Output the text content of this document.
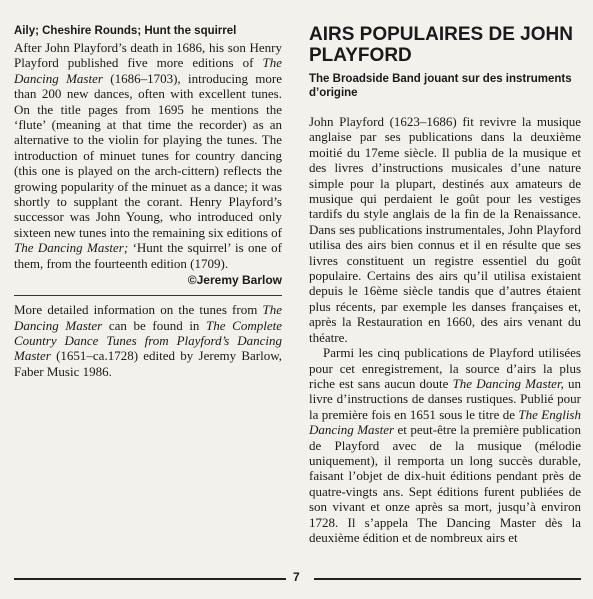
Aily; Cheshire Rounds; Hunt the squirrel

After John Playford’s death in 1686, his son Henry Playford published five more editions of The Dancing Master (1686–1703), introducing more than 200 new dances, often with excellent tunes. On the title pages from 1695 he mentions the ‘flute’ (meaning at that time the recorder) as an alternative to the violin for playing the tunes. The introduction of minuet tunes for country dancing (this one is played on the arch-cittern) reflects the growing popularity of the minuet as a dance; it was shortly to supplant the corant. Henry Playford’s successor was John Young, who introduced only sixteen new tunes into the remaining six editions of The Dancing Master; ‘Hunt the squirrel’ is one of them, from the fourteenth edition (1709).

©Jeremy Barlow

More detailed information on the tunes from The Dancing Master can be found in The Complete Country Dance Tunes from Playford’s Dancing Master (1651–ca.1728) edited by Jeremy Barlow, Faber Music 1986.

AIRS POPULAIRES DE JOHN PLAYFORD

The Broadside Band jouant sur des instruments d’origine

John Playford (1623–1686) fit revivre la musique anglaise par ses publications dans la deuxième moitié du 17eme siècle. Il publia de la musique et des livres d’instructions musicales d’une nature simple pour la plupart, destinés aux amateurs de musique qui perdaient le goût pour les vestiges tardifs du style anglais de la fin de la Renaissance. Dans ses publications instrumentales, John Playford utilisa des airs bien connus et il en résulte que ses livres constituent un registre essentiel du goût populaire. Certains des airs qu’il utilisa existaient depuis le 16ème siècle tandis que d’autres étaient plus récents, par exemple les danses françaises et, après la Restauration en 1660, des airs venant du théatre.

Parmi les cinq publications de Playford utilisées pour cet enregistrement, la source d’airs la plus riche est sans aucun doute The Dancing Master, un livre d’instructions de danses rustiques. Publié pour la première fois en 1651 sous le titre de The English Dancing Master et peut-être la première publication de Playford avec de la musique (mélodie uniquement), il remporta un long succès durable, faisant l’objet de dix-huit éditions pendant près de quatre-vingts ans. Sept éditions furent publiées de son vivant et onze après sa mort, jusqu’à environ 1728. Il s’appela The Dancing Master dès la deuxième édition et de nombreux airs et

7
